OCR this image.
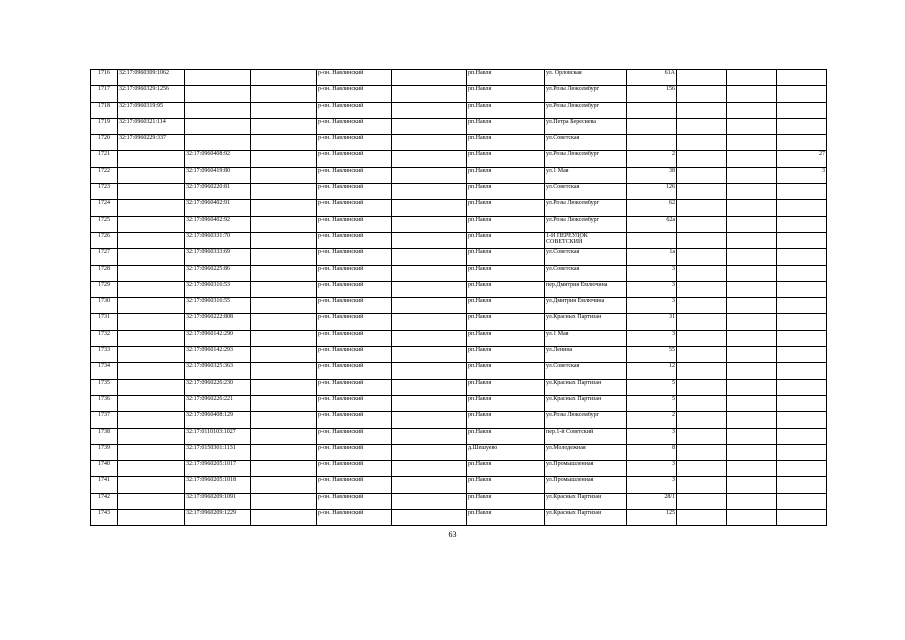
1716	32:17:0960309:1062			р-он. Навлинский		рп.Навля	ул. Орловская	61А			
1717	32:17:0960329:1256			р-он. Навлинский		рп.Навля	ул.Розы Люксембург	156			
1718	32:17:0960319:95			р-он. Навлинский		рп.Навля	ул.Розы Люксембург				
1719	32:17:0960321:114			р-он. Навлинский		рп.Навля	ул.Петра Бересиева				
1720	32:17:0960229:337			р-он. Навлинский		рп.Навля	ул.Советская				
1721		32:17:0960408:92		р-он. Навлинский		рп.Навля	ул.Розы Люксембург	2			27
1722		32:17:0960419:80		р-он. Навлинский		рп.Навля	ул.1 Мая	38			3
1723		32:17:0960220:81		р-он. Навлинский		рп.Навля	ул.Советская	126			
1724		32:17:0960402:91		р-он. Навлинский		рп.Навля	ул.Розы Люксембург	62			
1725		32:17:0960402:92		р-он. Навлинский		рп.Навля	ул.Розы Люксембург	62а			
1726		32:17:0960331:70		р-он. Навлинский		рп.Навля	1-Й ПЕРЕУЛОК СОВЕТСКИЙ				
1727		32:17:0960333:69		р-он. Навлинский		рп.Навля	ул.Советская	1а			
1728		32:17:0960225:86		р-он. Навлинский		рп.Навля	ул.Советская	3			
1729		32:17:0960316:53		р-он. Навлинский		рп.Навля	пер.Дмитрия Емлючина	3			
1730		32:17:0960316:55		р-он. Навлинский		рп.Навля	ул.Дмитрия Емлючина	3			
1731		32:17:0960222:808		р-он. Навлинский		рп.Навля	ул.Красных Партизан	31			
1732		32:17:0960142:290		р-он. Навлинский		рп.Навля	ул.1 Мая	3			
1733		32:17:0960142:293		р-он. Навлинский		рп.Навля	ул.Ленина	55			
1734		32:17:0960325:363		р-он. Навлинский		рп.Навля	ул.Советская	12			
1735		32:17:0960226:230		р-он. Навлинский		рп.Навля	ул.Красных Партизан	5			
1736		32:17:0960226:221		р-он. Навлинский		рп.Навля	ул.Красных Партизан	5			
1737		32:17:0960408:129		р-он. Навлинский		рп.Навля	ул.Розы Люксембург	2			
1738		32:17:0110103:1027		р-он. Навлинский		рп.Навля	пер.1-й Советский	3			
1739		32:17:0150301:1131		р-он. Навлинский		д.Шешуево	ул.Молодежная	8			
1740		32:17:0960205:1017		р-он. Навлинский		рп.Навля	ул.Промышленная	3			
1741		32:17:0960205:1018		р-он. Навлинский		рп.Навля	ул.Промышленная	3			
1742		32:17:0960209:1091		р-он. Навлинский		рп.Навля	ул.Красных Партизан	28/1			
1743		32:17:0960209:1229		р-он. Навлинский		рп.Навля	ул.Красных Партизан	125			
63
